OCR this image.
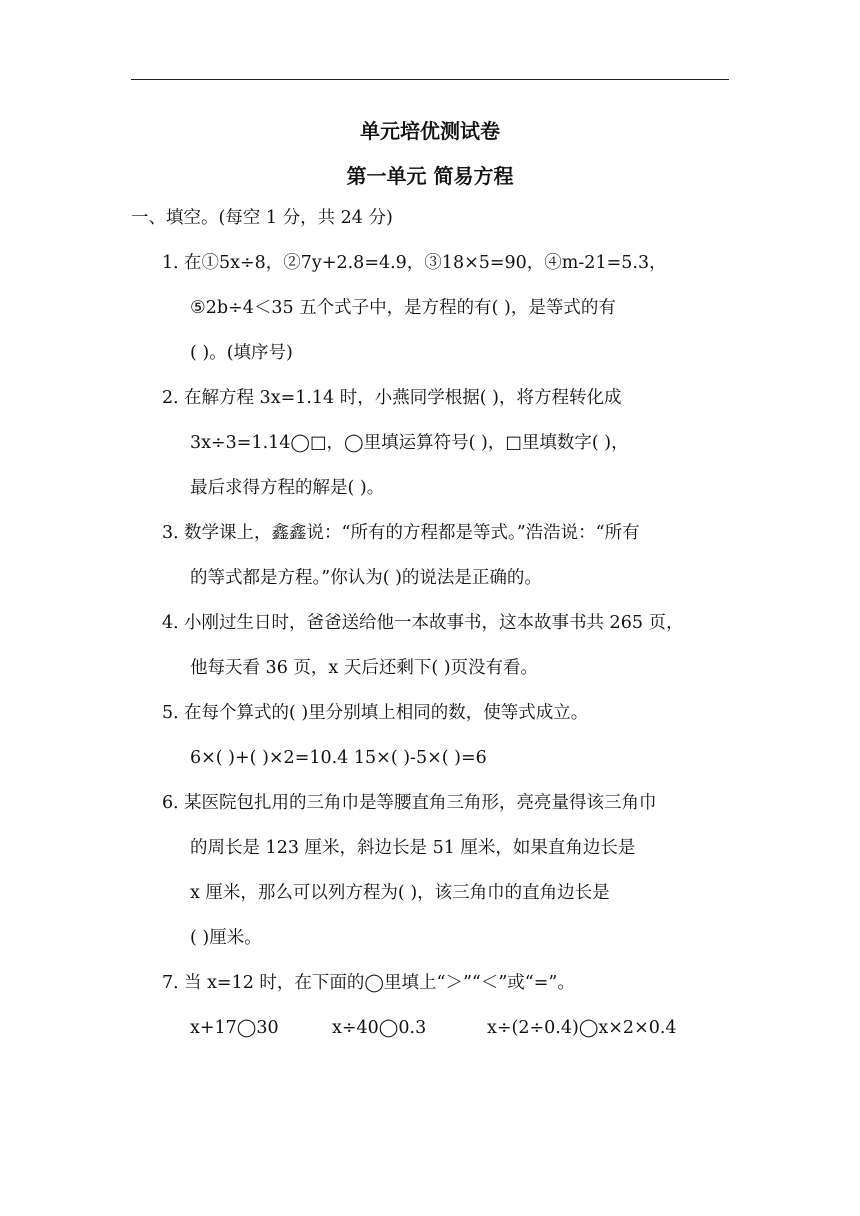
单元培优测试卷
第一单元 简易方程
一、填空。(每空 1 分，共 24 分)
1．在①5x÷8，②7y+2.8=4.9，③18×5=90，④m-21=5.3，
⑤2b÷4＜35 五个式子中，是方程的有( )，是等式的有
( )。(填序号)
2．在解方程 3x=1.14 时，小燕同学根据( )，将方程转化成
3x÷3=1.14◯□，◯里填运算符号( )，□里填数字( )，
最后求得方程的解是( )。
3．数学课上，鑫鑫说：“所有的方程都是等式。”浩浩说：“所有
的等式都是方程。”你认为( )的说法是正确的。
4．小刚过生日时，爸爸送给他一本故事书，这本故事书共 265 页，
他每天看 36 页，x 天后还剩下( )页没有看。
5．在每个算式的( )里分别填上相同的数，使等式成立。
6×( )+( )×2=10.4 15×( )-5×( )=6
6．某医院包扎用的三角巾是等腰直角三角形，亮亮量得该三角巾
的周长是 123 厘米，斜边长是 51 厘米，如果直角边长是
x 厘米，那么可以列方程为( )，该三角巾的直角边长是
( )厘米。
7．当 x=12 时，在下面的◯里填上“＞”“＜”或“=”。
x+17◯30	x÷40◯0.3	x÷(2÷0.4)◯x×2×0.4
